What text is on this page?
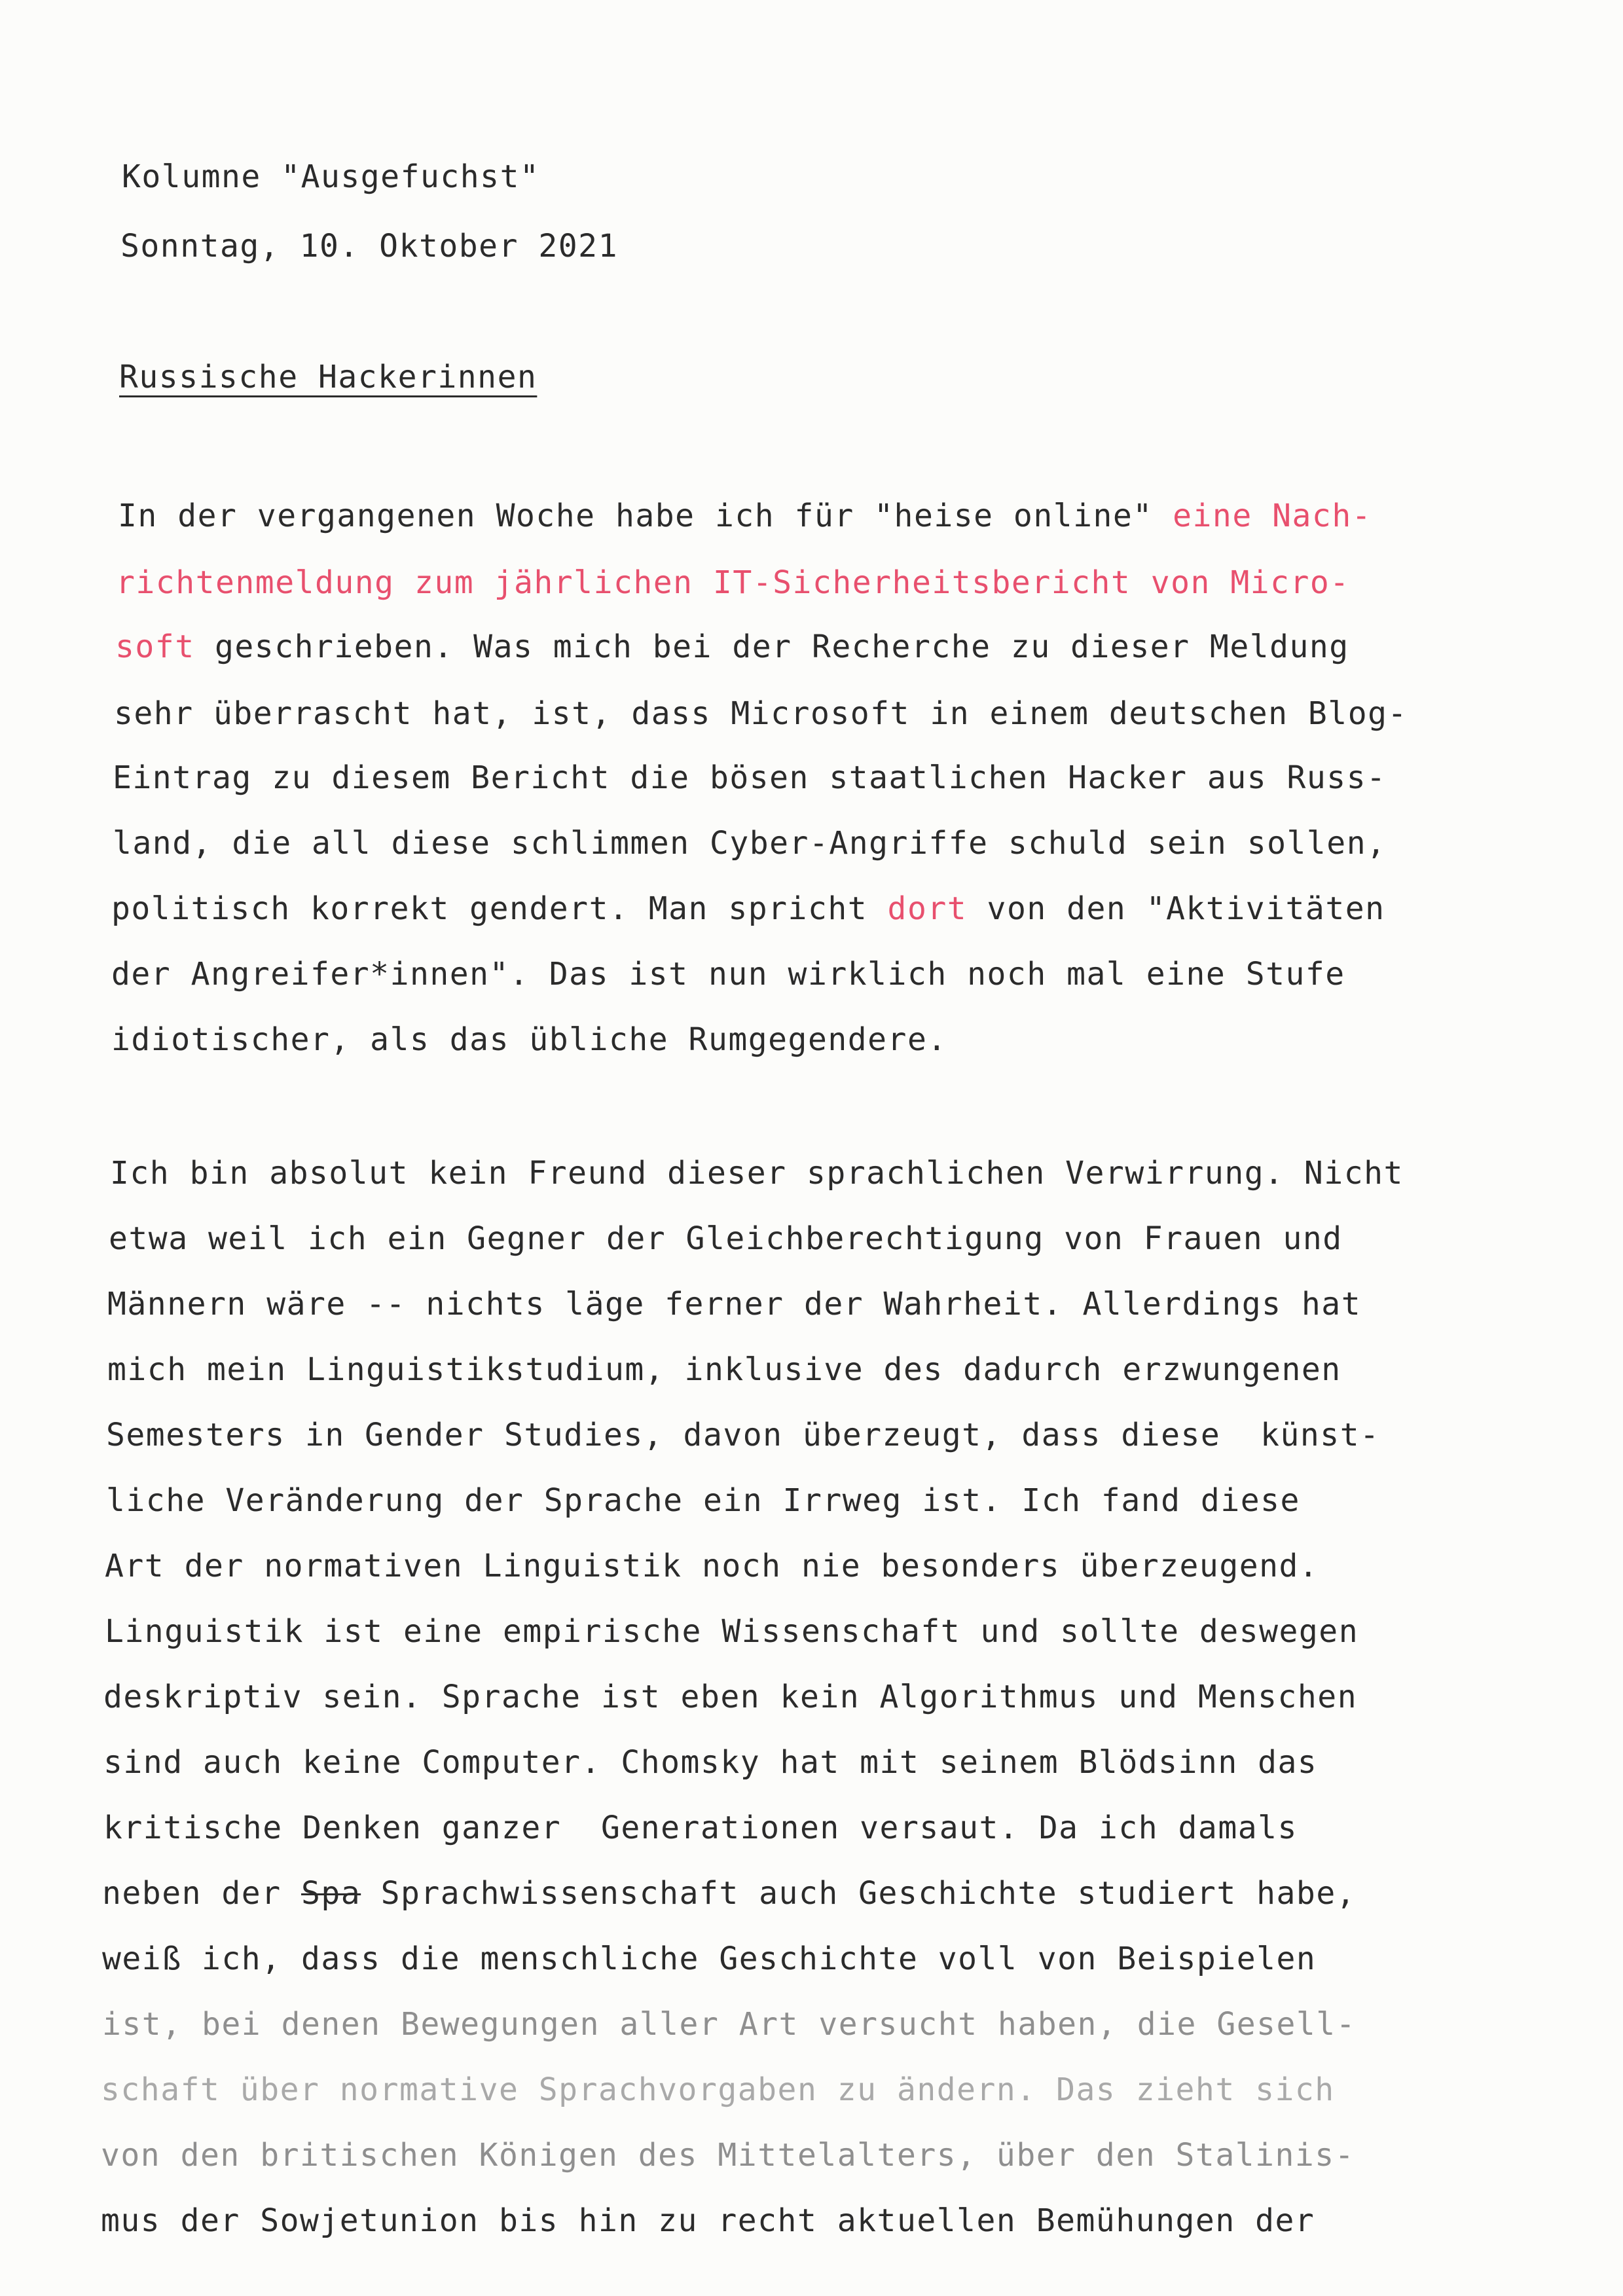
Kolumne "Ausgefuchst"
Sonntag, 10. Oktober 2021
Russische Hackerinnen
In der vergangenen Woche habe ich für "heise online" eine Nach-
richtenmeldung zum jährlichen IT-Sicherheitsbericht von Micro-
soft geschrieben. Was mich bei der Recherche zu dieser Meldung
sehr überrascht hat, ist, dass Microsoft in einem deutschen Blog-
Eintrag zu diesem Bericht die bösen staatlichen Hacker aus Russ-
land, die all diese schlimmen Cyber-Angriffe schuld sein sollen,
politisch korrekt gendert. Man spricht dort von den "Aktivitäten
der Angreifer*innen". Das ist nun wirklich noch mal eine Stufe
idiotischer, als das übliche Rumgegendere.
Ich bin absolut kein Freund dieser sprachlichen Verwirrung. Nicht
etwa weil ich ein Gegner der Gleichberechtigung von Frauen und
Männern wäre -- nichts läge ferner der Wahrheit. Allerdings hat
mich mein Linguistikstudium, inklusive des dadurch erzwungenen
Semesters in Gender Studies, davon überzeugt, dass diese  künst-
liche Veränderung der Sprache ein Irrweg ist. Ich fand diese
Art der normativen Linguistik noch nie besonders überzeugend.
Linguistik ist eine empirische Wissenschaft und sollte deswegen
deskriptiv sein. Sprache ist eben kein Algorithmus und Menschen
sind auch keine Computer. Chomsky hat mit seinem Blödsinn das
kritische Denken ganzer  Generationen versaut. Da ich damals
neben der Spa Sprachwissenschaft auch Geschichte studiert habe,
weiß ich, dass die menschliche Geschichte voll von Beispielen
ist, bei denen Bewegungen aller Art versucht haben, die Gesell-
schaft über normative Sprachvorgaben zu ändern. Das zieht sich
von den britischen Königen des Mittelalters, über den Stalinis-
mus der Sowjetunion bis hin zu recht aktuellen Bemühungen der
